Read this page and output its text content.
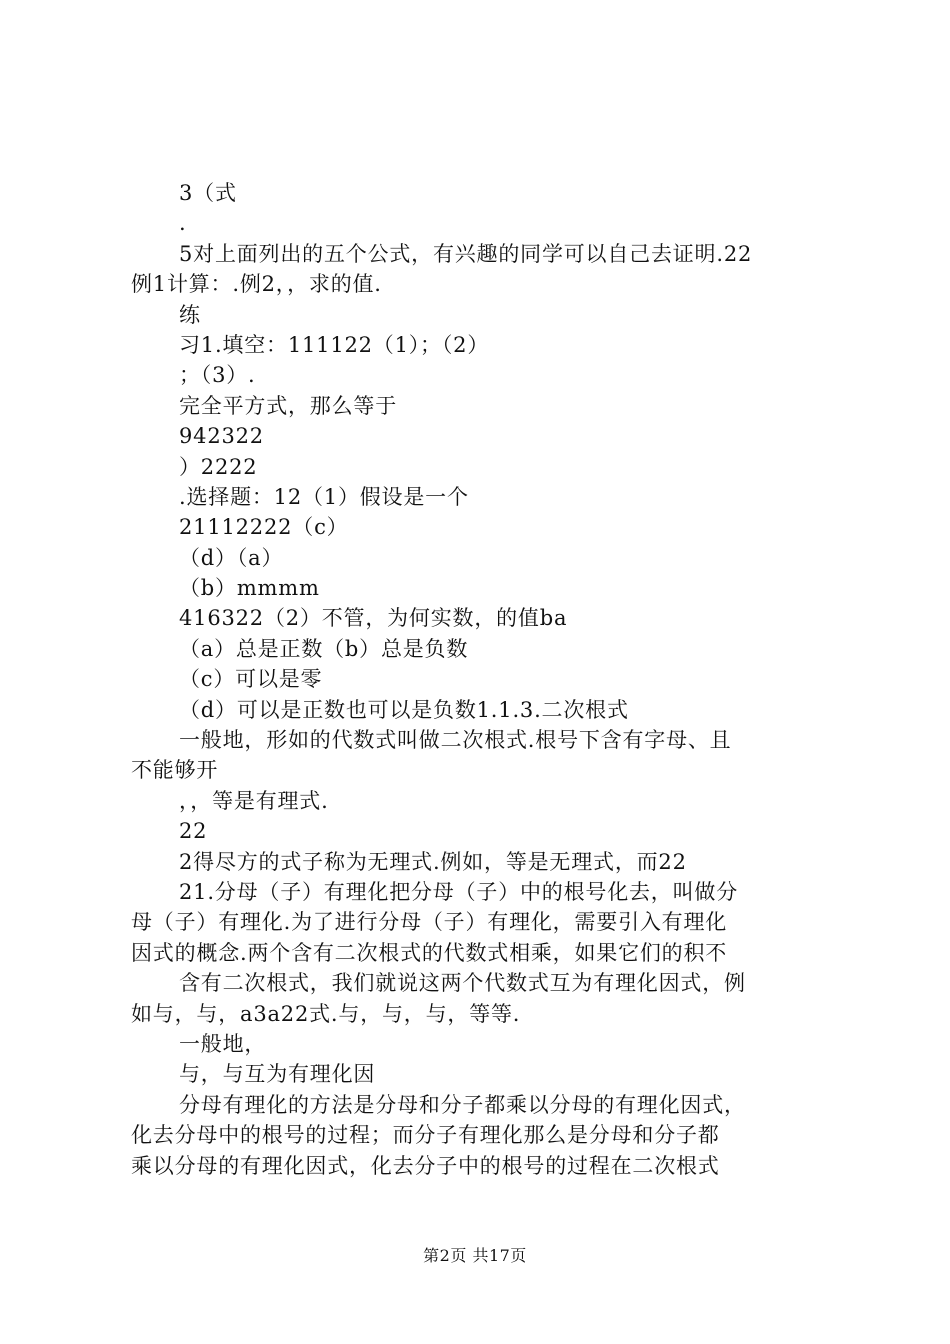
3（式
.
5对上面列出的五个公式，有兴趣的同学可以自己去证明.22
例1计算：.例2，，求的值.
练
习1.填空：111122（1）；（2）
；（3）.
完全平方式，那么等于
942322
）2222
.选择题：12（1）假设是一个
21112222（c）
（d）（a）
（b）mmmm
416322（2）不管，为何实数，的值ba
（a）总是正数（b）总是负数
（c）可以是零
（d）可以是正数也可以是负数1.1.3.二次根式
一般地，形如的代数式叫做二次根式.根号下含有字母、且
不能够开
，，等是有理式.
22
2得尽方的式子称为无理式.例如，等是无理式，而22
21.分母（子）有理化把分母（子）中的根号化去，叫做分
母（子）有理化.为了进行分母（子）有理化，需要引入有理化
因式的概念.两个含有二次根式的代数式相乘，如果它们的积不
含有二次根式，我们就说这两个代数式互为有理化因式，例
如与，与，a3a22式.与，与，与，等等.
一般地，
与，与互为有理化因
分母有理化的方法是分母和分子都乘以分母的有理化因式，
化去分母中的根号的过程；而分子有理化那么是分母和分子都
乘以分母的有理化因式，化去分子中的根号的过程在二次根式
第2页 共17页
